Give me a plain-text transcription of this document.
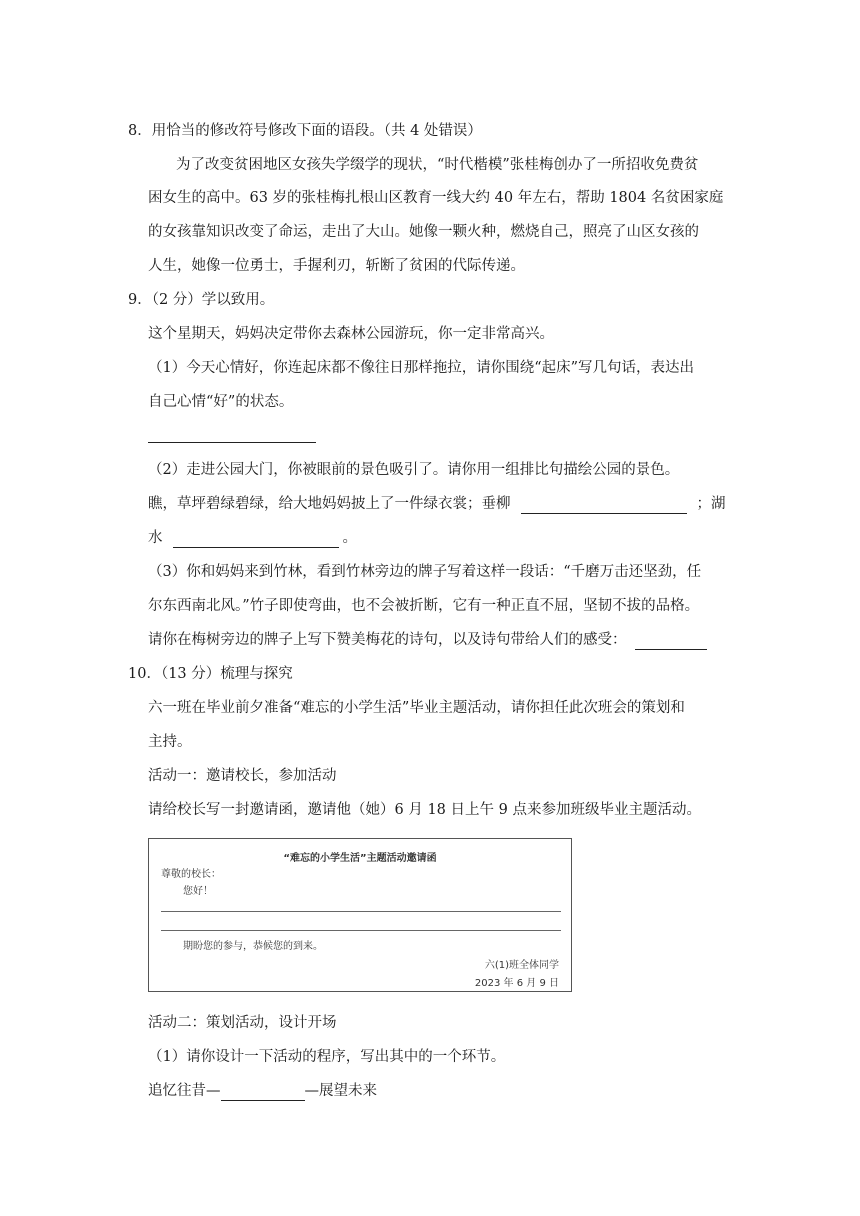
8．用恰当的修改符号修改下面的语段。（共 4 处错误）
为了改变贫困地区女孩失学缀学的现状，“时代楷模”张桂梅创办了一所招收免费贫
困女生的高中。63 岁的张桂梅扎根山区教育一线大约 40 年左右，帮助 1804 名贫困家庭
的女孩靠知识改变了命运，走出了大山。她像一颗火种，燃烧自己，照亮了山区女孩的
人生，她像一位勇士，手握利刃，斩断了贫困的代际传递。
9．（2 分）学以致用。
这个星期天，妈妈决定带你去森林公园游玩，你一定非常高兴。
（1）今天心情好，你连起床都不像往日那样拖拉，请你围绕“起床”写几句话，表达出
自己心情“好”的状态。
（2）走进公园大门，你被眼前的景色吸引了。请你用一组排比句描绘公园的景色。
瞧，草坪碧绿碧绿，给大地妈妈披上了一件绿衣裳；垂柳	；湖
水	。
（3）你和妈妈来到竹林，看到竹林旁边的牌子写着这样一段话：“千磨万击还坚劲，任
尔东西南北风。”竹子即使弯曲，也不会被折断，它有一种正直不屈，坚韧不拔的品格。
请你在梅树旁边的牌子上写下赞美梅花的诗句，以及诗句带给人们的感受：
10．（13 分）梳理与探究
六一班在毕业前夕准备“难忘的小学生活”毕业主题活动，请你担任此次班会的策划和
主持。
活动一：邀请校长，参加活动
请给校长写一封邀请函，邀请他（她）6 月 18 日上午 9 点来参加班级毕业主题活动。
“难忘的小学生活”主题活动邀请函
尊敬的校长：
您好！
期盼您的参与，恭候您的到来。
六(1)班全体同学
2023 年 6 月 9 日
活动二：策划活动，设计开场
（1）请你设计一下活动的程序，写出其中的一个环节。
追忆往昔—	—展望未来
